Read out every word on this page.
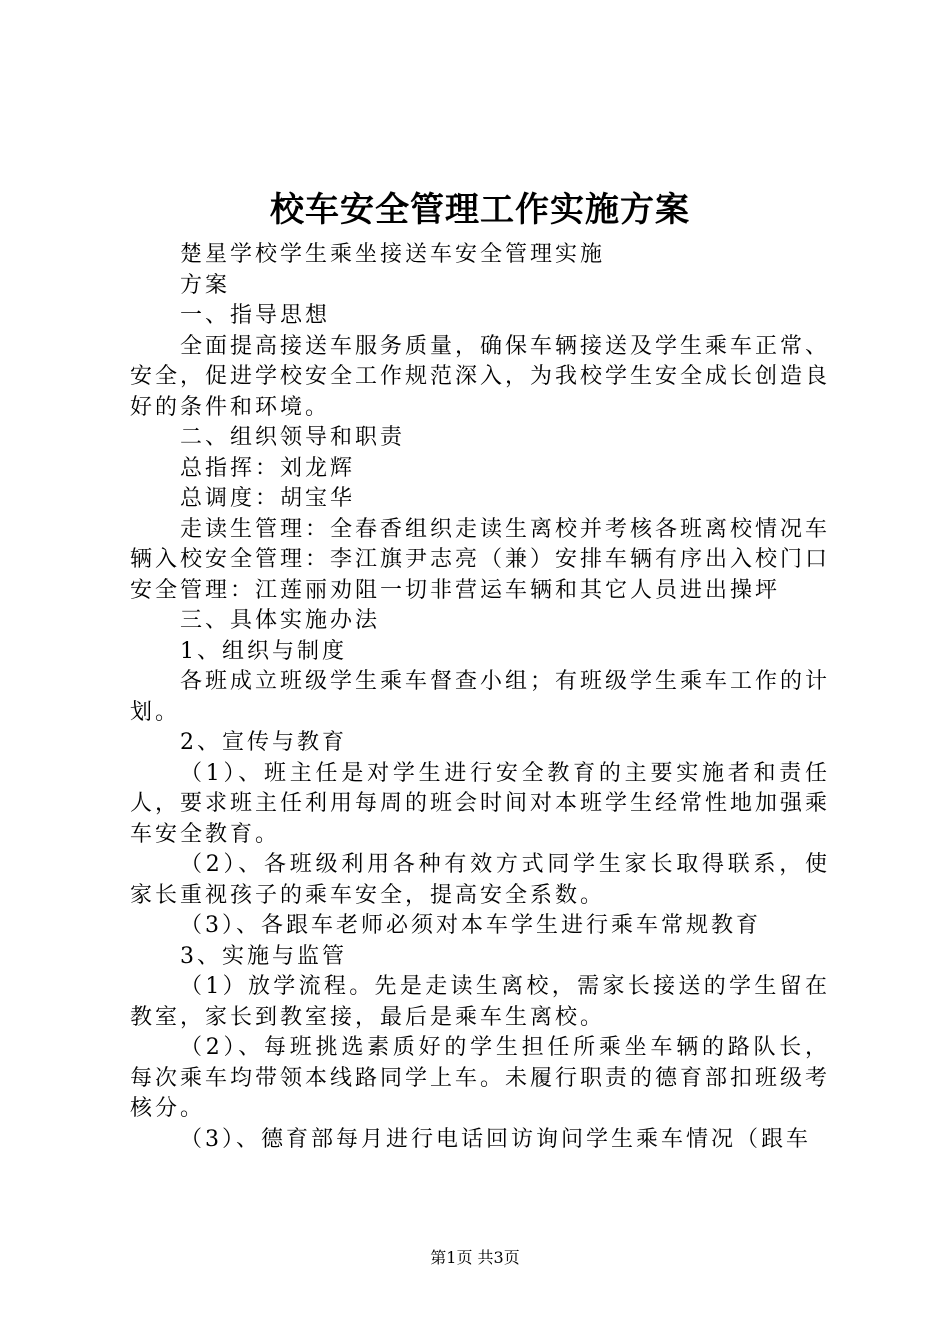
校车安全管理工作实施方案

楚星学校学生乘坐接送车安全管理实施

方案

一、指导思想

全面提高接送车服务质量，确保车辆接送及学生乘车正常、安全，促进学校安全工作规范深入，为我校学生安全成长创造良好的条件和环境。

二、组织领导和职责

总指挥：刘龙辉

总调度：胡宝华

走读生管理：全春香组织走读生离校并考核各班离校情况车辆入校安全管理：李江旗尹志亮（兼）安排车辆有序出入校门口安全管理：江莲丽劝阻一切非营运车辆和其它人员进出操坪

三、具体实施办法

1、组织与制度

各班成立班级学生乘车督查小组；有班级学生乘车工作的计划。

2、宣传与教育

（1）、班主任是对学生进行安全教育的主要实施者和责任人，要求班主任利用每周的班会时间对本班学生经常性地加强乘车安全教育。

（2）、各班级利用各种有效方式同学生家长取得联系，使家长重视孩子的乘车安全，提高安全系数。

（3）、各跟车老师必须对本车学生进行乘车常规教育

3、实施与监管

（1）放学流程。先是走读生离校，需家长接送的学生留在教室，家长到教室接，最后是乘车生离校。

（2）、每班挑选素质好的学生担任所乘坐车辆的路队长，每次乘车均带领本线路同学上车。未履行职责的德育部扣班级考核分。

（3）、德育部每月进行电话回访询问学生乘车情况（跟车

第1页 共3页
